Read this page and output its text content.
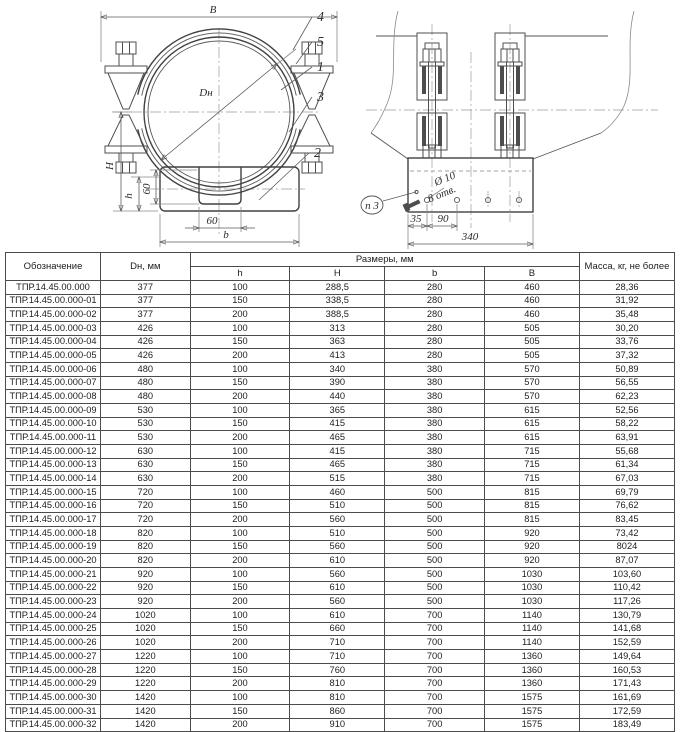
B
Dн
H
h
60
60
b
4
5
1
3
2
Ø 10
8 отв.
п 3
35 90
340
Обозначение	Dн, мм	Размеры, мм				Масса, кг, не более
		h	H	b	B	
ТПР.14.45.00.000	377	100	288,5	280	460	28,36
ТПР.14.45.00.000-01	377	150	338,5	280	460	31,92
ТПР.14.45.00.000-02	377	200	388,5	280	460	35,48
ТПР.14.45.00.000-03	426	100	313	280	505	30,20
ТПР.14.45.00.000-04	426	150	363	280	505	33,76
ТПР.14.45.00.000-05	426	200	413	280	505	37,32
ТПР.14.45.00.000-06	480	100	340	380	570	50,89
ТПР.14.45.00.000-07	480	150	390	380	570	56,55
ТПР.14.45.00.000-08	480	200	440	380	570	62,23
ТПР.14.45.00.000-09	530	100	365	380	615	52,56
ТПР.14.45.00.000-10	530	150	415	380	615	58,22
ТПР.14.45.00.000-11	530	200	465	380	615	63,91
ТПР.14.45.00.000-12	630	100	415	380	715	55,68
ТПР.14.45.00.000-13	630	150	465	380	715	61,34
ТПР.14.45.00.000-14	630	200	515	380	715	67,03
ТПР.14.45.00.000-15	720	100	460	500	815	69,79
ТПР.14.45.00.000-16	720	150	510	500	815	76,62
ТПР.14.45.00.000-17	720	200	560	500	815	83,45
ТПР.14.45.00.000-18	820	100	510	500	920	73,42
ТПР.14.45.00.000-19	820	150	560	500	920	8024
ТПР.14.45.00.000-20	820	200	610	500	920	87,07
ТПР.14.45.00.000-21	920	100	560	500	1030	103,60
ТПР.14.45.00.000-22	920	150	610	500	1030	110,42
ТПР.14.45.00.000-23	920	200	560	500	1030	117,26
ТПР.14.45.00.000-24	1020	100	610	700	1140	130,79
ТПР.14.45.00.000-25	1020	150	660	700	1140	141,68
ТПР.14.45.00.000-26	1020	200	710	700	1140	152,59
ТПР.14.45.00.000-27	1220	100	710	700	1360	149,64
ТПР.14.45.00.000-28	1220	150	760	700	1360	160,53
ТПР.14.45.00.000-29	1220	200	810	700	1360	171,43
ТПР.14.45.00.000-30	1420	100	810	700	1575	161,69
ТПР.14.45.00.000-31	1420	150	860	700	1575	172,59
ТПР.14.45.00.000-32	1420	200	910	700	1575	183,49
